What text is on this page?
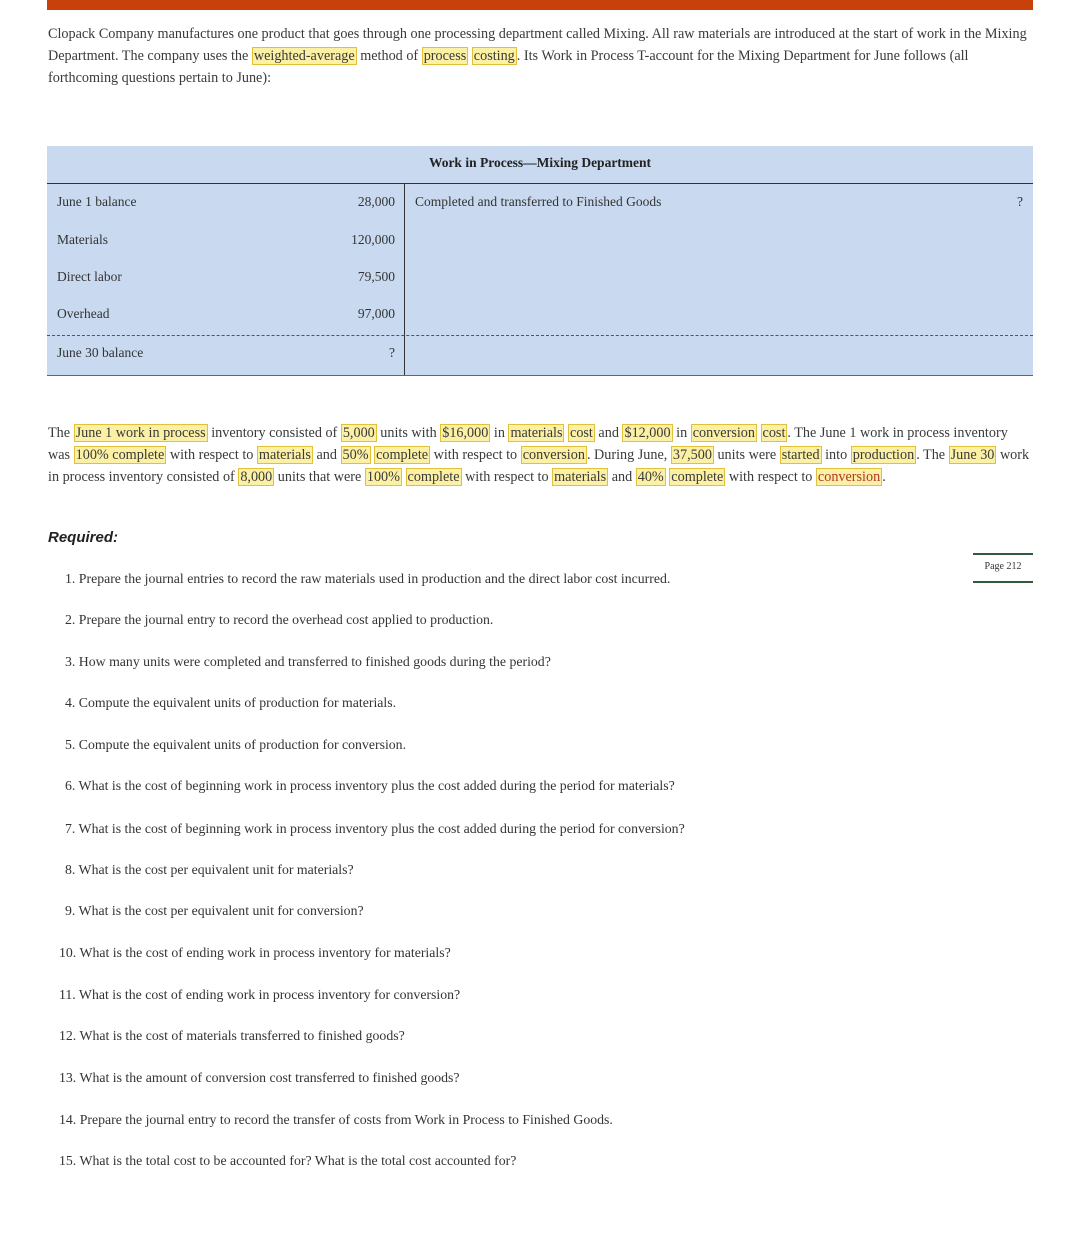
Clopack Company manufactures one product that goes through one processing department called Mixing. All raw materials are introduced at the start of work in the Mixing Department. The company uses the weighted-average method of process costing . Its Work in Process T-account for the Mixing Department for June follows (all forthcoming questions pertain to June):
Work in Process—Mixing Department
June 1 balance	28,000
Materials	120,000
Direct labor	79,500
Overhead	97,000
June 30 balance	?
Completed and transferred to Finished Goods	?
The June 1 work in process inventory consisted of 5,000 units with $16,000 in materials cost and $12,000 in conversion cost . The June 1 work in process inventory was 100% complete with respect to materials and 50% complete with respect to conversion . During June, 37,500 units were started into production . The June 30 work in process inventory consisted of 8,000 units that were 100% complete with respect to materials and 40% complete with respect to conversion .
Required:
Page 212
1. Prepare the journal entries to record the raw materials used in production and the direct labor cost incurred.
2. Prepare the journal entry to record the overhead cost applied to production.
3. How many units were completed and transferred to finished goods during the period?
4. Compute the equivalent units of production for materials.
5. Compute the equivalent units of production for conversion.
6. What is the cost of beginning work in process inventory plus the cost added during the period for materials?
7. What is the cost of beginning work in process inventory plus the cost added during the period for conversion?
8. What is the cost per equivalent unit for materials?
9. What is the cost per equivalent unit for conversion?
10. What is the cost of ending work in process inventory for materials?
11. What is the cost of ending work in process inventory for conversion?
12. What is the cost of materials transferred to finished goods?
13. What is the amount of conversion cost transferred to finished goods?
14. Prepare the journal entry to record the transfer of costs from Work in Process to Finished Goods.
15. What is the total cost to be accounted for? What is the total cost accounted for?
